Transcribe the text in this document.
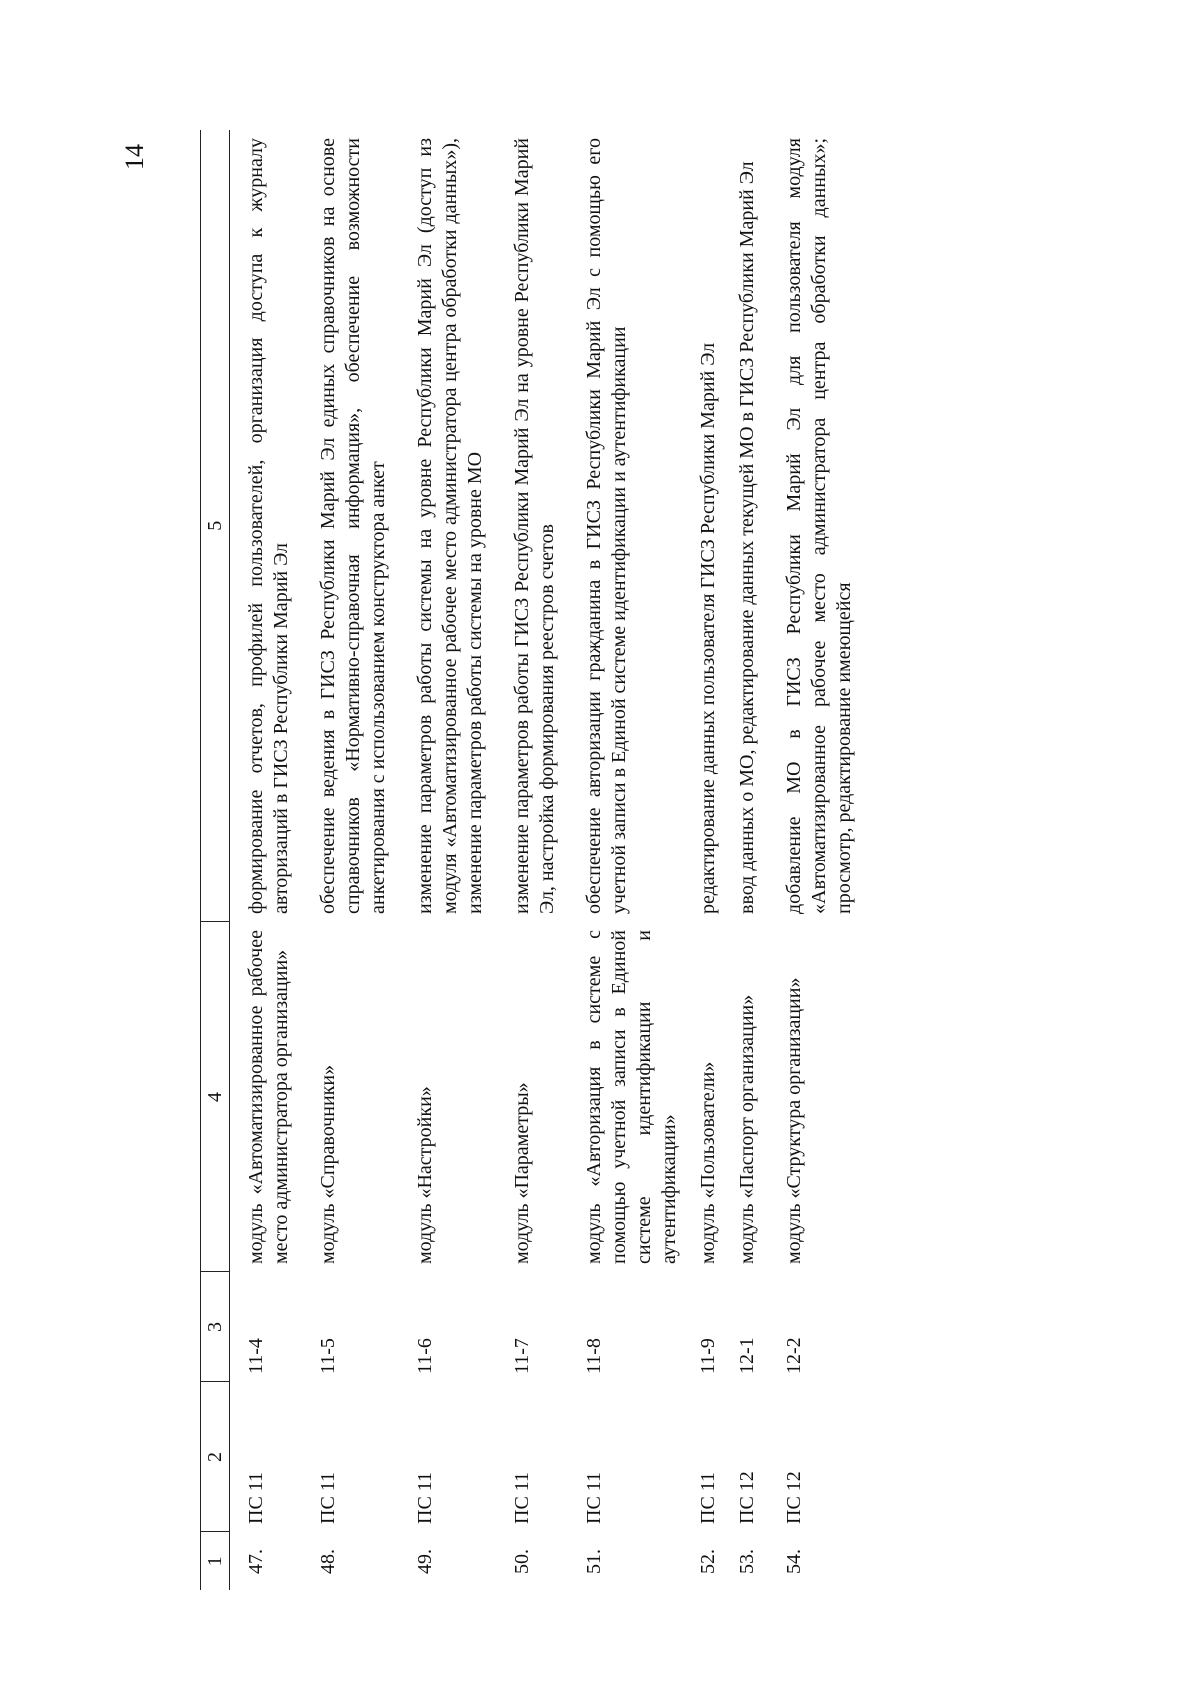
14
1	2	3	4	5
47.	ПС 11	11-4	модуль «Автоматизированное рабочее место администратора организации»	формирование отчетов, профилей пользователей, организация доступа к журналу авторизаций в ГИСЗ Республики Марий Эл
48.	ПС 11	11-5	модуль «Справочники»	обеспечение ведения в ГИСЗ Республики Марий Эл единых справочников на основе справочников «Нормативно-справочная информация», обеспечение возможности анкетирования с использованием конструктора анкет
49.	ПС 11	11-6	модуль «Настройки»	изменение параметров работы системы на уровне Республики Марий Эл (доступ из модуля «Автоматизированное рабочее место администратора центра обработки данных»), изменение параметров работы системы на уровне МО
50.	ПС 11	11-7	модуль «Параметры»	изменение параметров работы ГИСЗ Республики Марий Эл на уровне Республики Марий Эл, настройка формирования реестров счетов
51.	ПС 11	11-8	модуль «Авторизация в системе с помощью учетной записи в Единой системе идентификации и аутентификации»	обеспечение авторизации гражданина в ГИСЗ Республики Марий Эл с помощью его учетной записи в Единой системе идентификации и аутентификации
52.	ПС 11	11-9	модуль «Пользователи»	редактирование данных пользователя ГИСЗ Республики Марий Эл
53.	ПС 12	12-1	модуль «Паспорт организации»	ввод данных о МО, редактирование данных текущей МО в ГИСЗ Республики Марий Эл
54.	ПС 12	12-2	модуль «Структура организации»	добавление МО в ГИСЗ Республики Марий Эл для пользователя модуля «Автоматизированное рабочее место администратора центра обработки данных»; просмотр, редактирование имеющейся
